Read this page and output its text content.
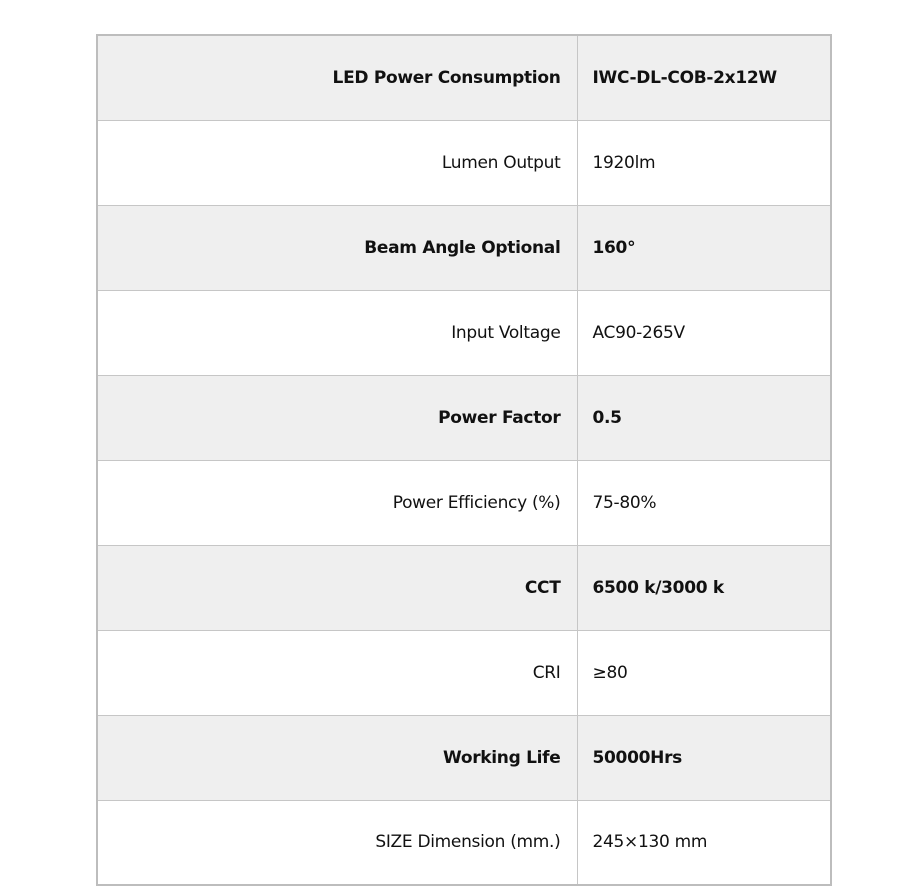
LED Power Consumption	IWC-DL-COB-2x12W
Lumen Output	1920lm
Beam Angle Optional	160°
Input Voltage	AC90-265V
Power Factor	0.5
Power Efficiency (%)	75-80%
CCT	6500 k/3000 k
CRI	≥80
Working Life	50000Hrs
SIZE Dimension (mm.)	245×130 mm
